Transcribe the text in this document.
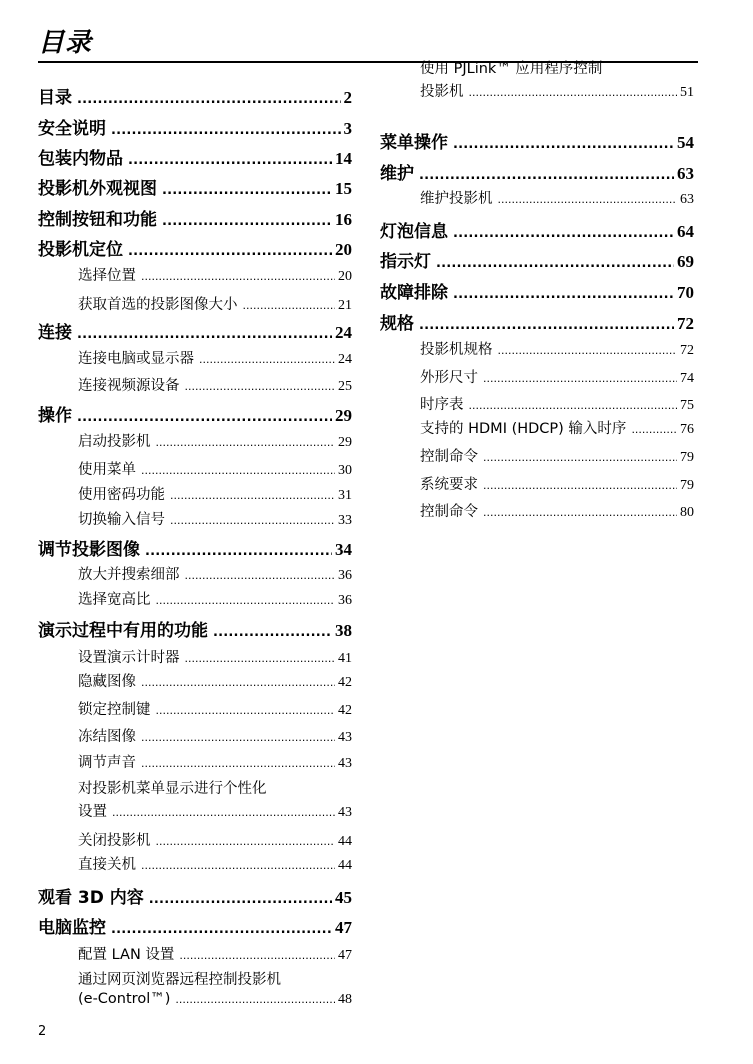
目录
目录 .....	2
安全说明 .....	3
包装内物品 .....	14
投影机外观视图 .....	15
控制按钮和功能 .....	16
投影机定位 .....	20
选择位置 .....	20
获取首选的投影图像大小 .....	21
连接 .....	24
连接电脑或显示器 .....	24
连接视频源设备 .....	25
操作 .....	29
启动投影机 .....	29
使用菜单 .....	30
使用密码功能 .....	31
切换输入信号 .....	33
调节投影图像 .....	34
放大并搜索细部 .....	36
选择宽高比 .....	36
演示过程中有用的功能 .....	38
设置演示计时器 .....	41
隐藏图像 .....	42
锁定控制键 .....	42
冻结图像 .....	43
调节声音 .....	43
对投影机菜单显示进行个性化
设置 .....	43
关闭投影机 .....	44
直接关机 .....	44
观看 3D 内容 .....	45
电脑监控 .....	47
配置 LAN 设置 .....	47
通过网页浏览器远程控制投影机
(e-Control™) .....	48
使用 PJLink™ 应用程序控制
投影机 .....	51
菜单操作 .....	54
维护 .....	63
维护投影机 .....	63
灯泡信息 .....	64
指示灯 .....	69
故障排除 .....	70
规格 .....	72
投影机规格 .....	72
外形尺寸 .....	74
时序表 .....	75
支持的 HDMI (HDCP) 输入时序 .....	76
控制命令 .....	79
系统要求 .....	79
控制命令 .....	80
2
